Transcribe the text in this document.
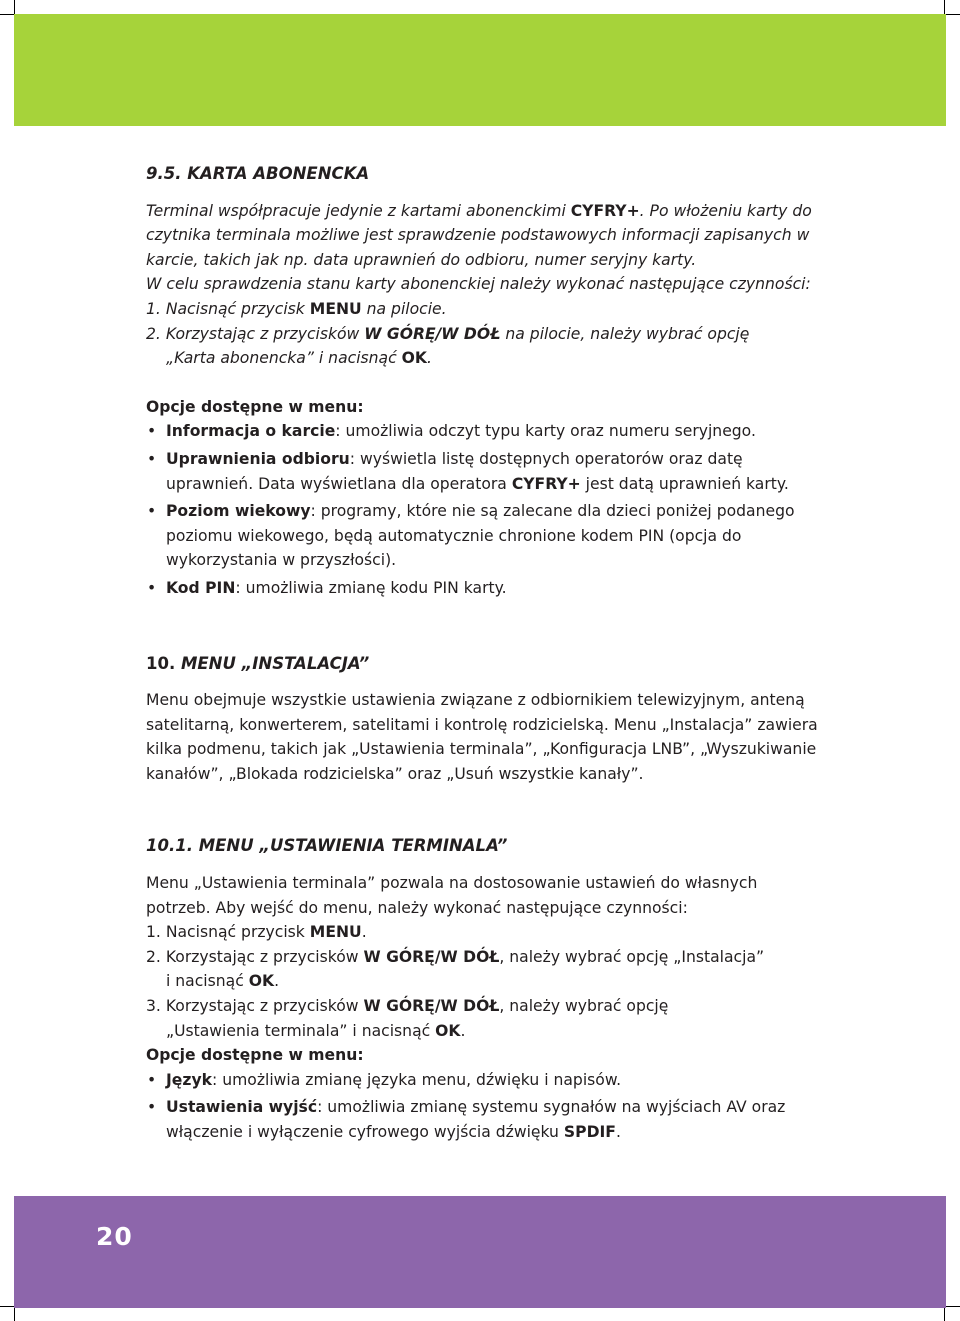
9.5. KARTA ABONENCKA

Terminal współpracuje jedynie z kartami abonenckimi CYFRY+. Po włożeniu karty do czytnika terminala możliwe jest sprawdzenie podstawowych informacji zapisanych w karcie, takich jak np. data uprawnień do odbioru, numer seryjny karty.

W celu sprawdzenia stanu karty abonenckiej należy wykonać następujące czynności:

1. Nacisnąć przycisk MENU na pilocie.

2. Korzystając z przycisków W GÓRĘ/W DÓŁ na pilocie, należy wybrać opcję

„Karta abonencka” i nacisnąć OK.

Opcje dostępne w menu:

• Informacja o karcie: umożliwia odczyt typu karty oraz numeru seryjnego.
• Uprawnienia odbioru: wyświetla listę dostępnych operatorów oraz datę uprawnień. Data wyświetlana dla operatora CYFRY+ jest datą uprawnień karty.
• Poziom wiekowy: programy, które nie są zalecane dla dzieci poniżej podanego poziomu wiekowego, będą automatycznie chronione kodem PIN (opcja do wykorzystania w przyszłości).
• Kod PIN: umożliwia zmianę kodu PIN karty.
10. MENU „INSTALACJA”

Menu obejmuje wszystkie ustawienia związane z odbiornikiem telewizyjnym, anteną satelitarną, konwerterem, satelitami i kontrolę rodzicielską. Menu „Instalacja” zawiera kilka podmenu, takich jak „Ustawienia terminala”, „Konfiguracja LNB”, „Wyszukiwanie kanałów”, „Blokada rodzicielska” oraz „Usuń wszystkie kanały”.

10.1. MENU „USTAWIENIA TERMINALA”

Menu „Ustawienia terminala” pozwala na dostosowanie ustawień do własnych potrzeb. Aby wejść do menu, należy wykonać następujące czynności:

1. Nacisnąć przycisk MENU.

2. Korzystając z przycisków W GÓRĘ/W DÓŁ, należy wybrać opcję „Instalacja”

i nacisnąć OK.

3. Korzystając z przycisków W GÓRĘ/W DÓŁ, należy wybrać opcję

„Ustawienia terminala” i nacisnąć OK.

Opcje dostępne w menu:

• Język: umożliwia zmianę języka menu, dźwięku i napisów.
• Ustawienia wyjść: umożliwia zmianę systemu sygnałów na wyjściach AV oraz włączenie i wyłączenie cyfrowego wyjścia dźwięku SPDIF.
20
